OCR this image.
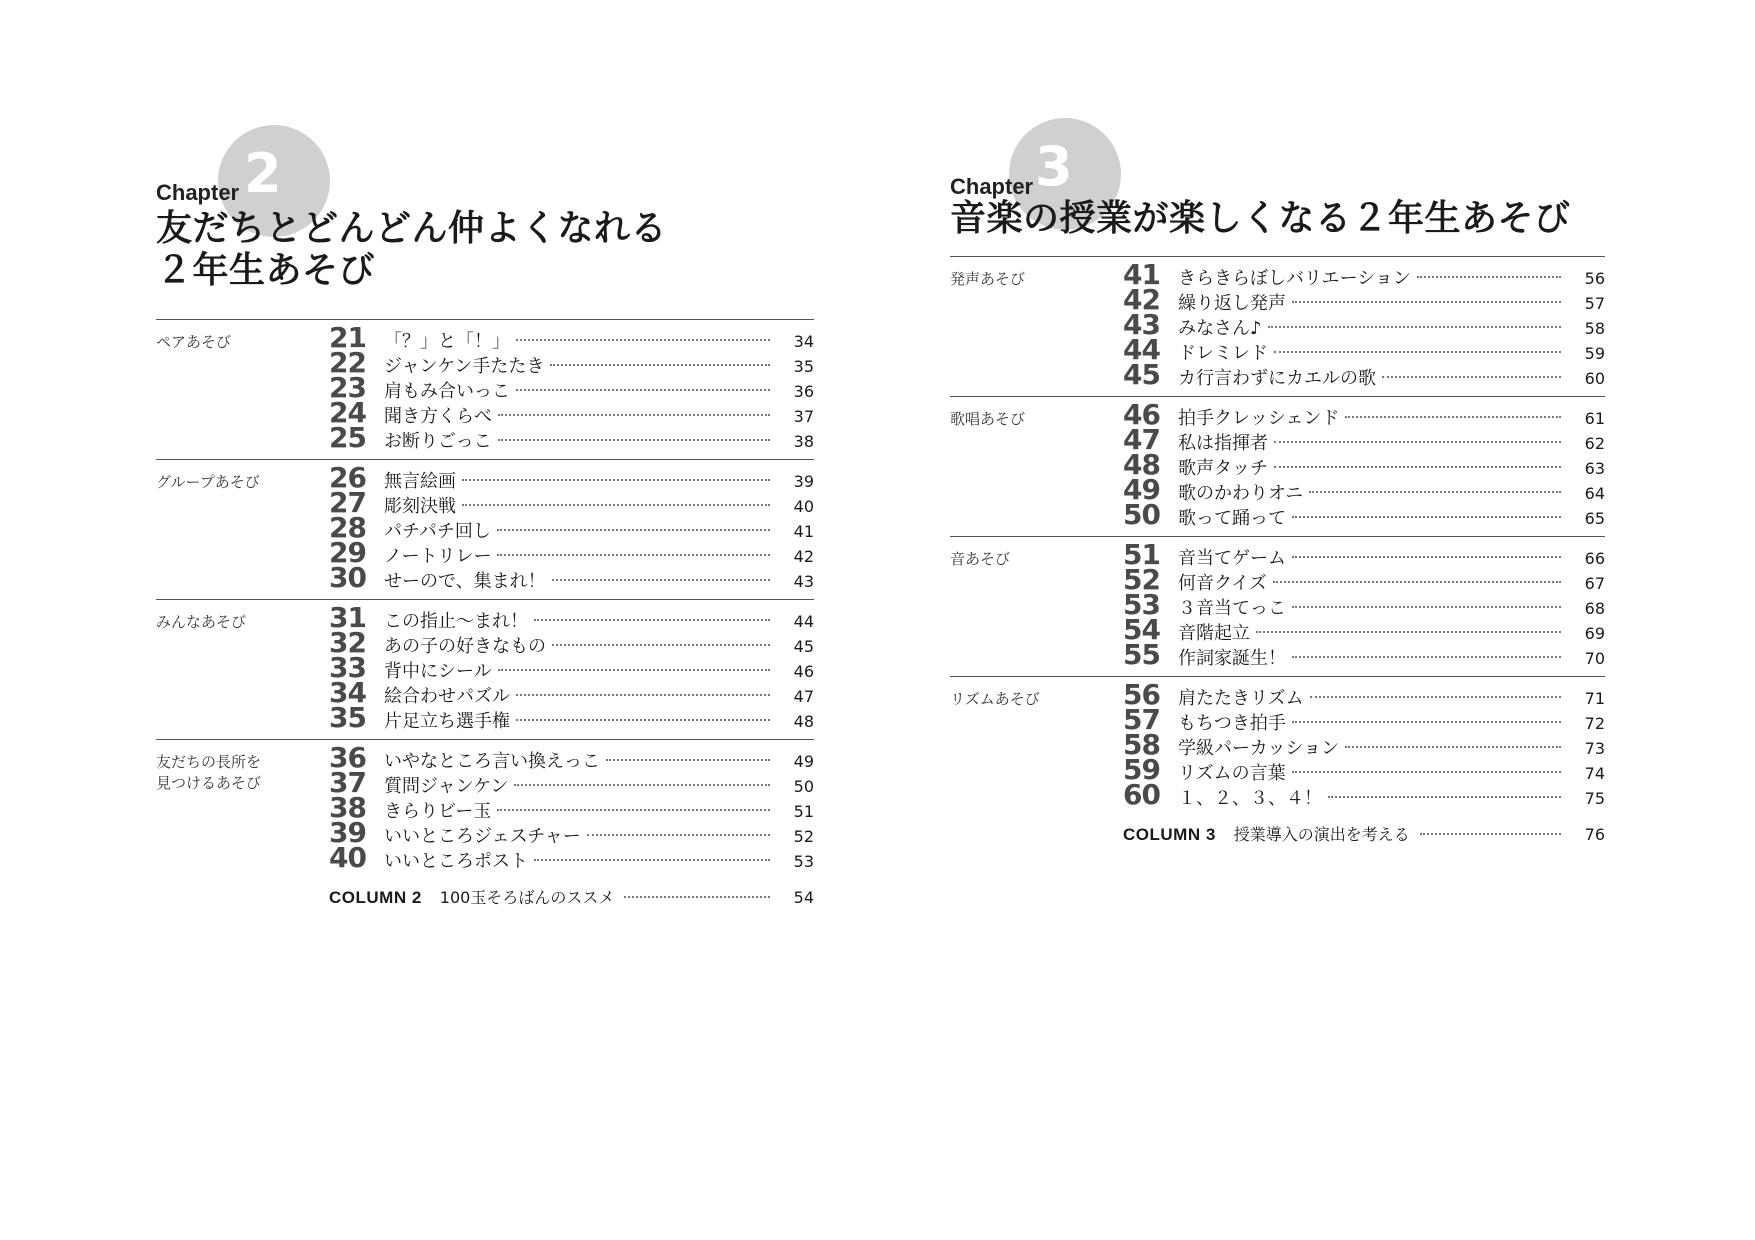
2
Chapter
友だちとどんどん仲よくなれる
２年生あそび
ペアあそび	21	「？」と「！」	34
22	ジャンケン手たたき	35
23	肩もみ合いっこ	36
24	聞き方くらべ	37
25	お断りごっこ	38
グループあそび	26	無言絵画	39
27	彫刻決戦	40
28	パチパチ回し	41
29	ノートリレー	42
30	せーので、集まれ！	43
みんなあそび	31	この指止～まれ！	44
32	あの子の好きなもの	45
33	背中にシール	46
34	絵合わせパズル	47
35	片足立ち選手権	48
友だちの長所を
見つけるあそび
36	いやなところ言い換えっこ	49
37	質問ジャンケン	50
38	きらりビー玉	51
39	いいところジェスチャー	52
40	いいところポスト	53
COLUMN 2 100玉そろばんのススメ	54
3
Chapter
音楽の授業が楽しくなる２年生あそび
発声あそび	41	きらきらぼしバリエーション	56
42	繰り返し発声	57
43	みなさん♪	58
44	ドレミレド	59
45	カ行言わずにカエルの歌	60
歌唱あそび	46	拍手クレッシェンド	61
47	私は指揮者	62
48	歌声タッチ	63
49	歌のかわりオニ	64
50	歌って踊って	65
音あそび	51	音当てゲーム	66
52	何音クイズ	67
53	３音当てっこ	68
54	音階起立	69
55	作詞家誕生！	70
リズムあそび	56	肩たたきリズム	71
57	もちつき拍手	72
58	学級パーカッション	73
59	リズムの言葉	74
60	１、２、３、４！	75
COLUMN 3 授業導入の演出を考える	76
